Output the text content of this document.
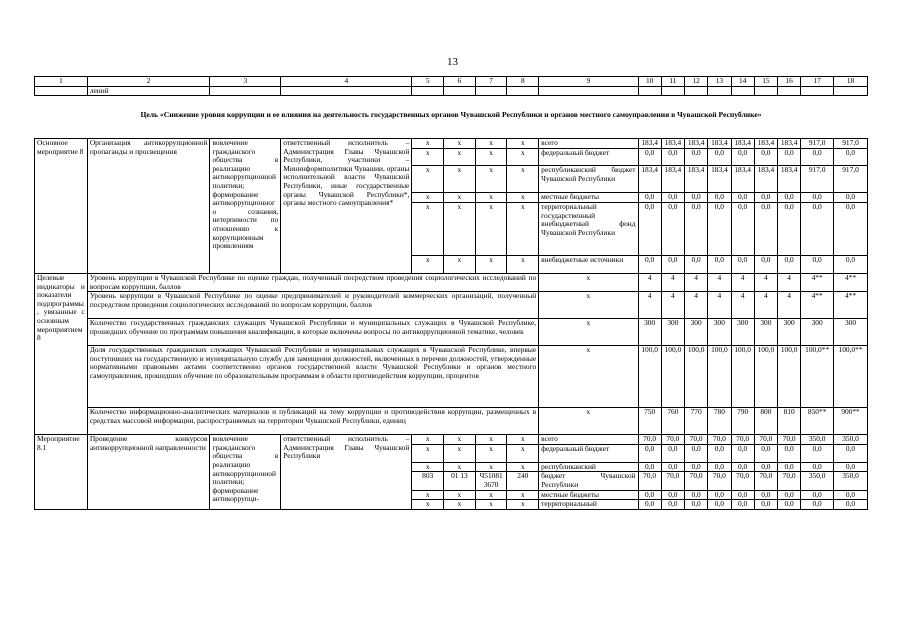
13
1	2	3	4	5	6	7	8	9	10	11	12	13	14	15	16	17	18
	лений																
Цель «Снижение уровня коррупции и ее влияния на деятельность государственных органов Чувашской Республики и органов местного самоуправления в Чувашской Республике»
Основное мероприятие 8	Организация антикоррупционной пропаганды и просвещения	вовлечение гражданского общества в реализацию антикоррупционной политики; формирование антикоррупционного сознания, нетерпимости по отношению к коррупционным проявлениям	ответственный исполнитель – Администрация Главы Чувашской Республики, участники – Мининформполитики Чувашии, органы исполнительной власти Чувашской Республики, иные государственные органы Чувашской Республики*, органы местного самоуправления*	x	x	x	x	всего	183,4	183,4	183,4	183,4	183,4	183,4	183,4	917,0	917,0
				x	x	x	x	федеральный бюджет	0,0	0,0	0,0	0,0	0,0	0,0	0,0	0,0	0,0
				x	x	x	x	республиканский бюджет Чувашской Республики	183,4	183,4	183,4	183,4	183,4	183,4	183,4	917,0	917,0
				x	x	x	x	местные бюджеты	0,0	0,0	0,0	0,0	0,0	0,0	0,0	0,0	0,0
				x	x	x	x	территориальный государственный внебюджетный фонд Чувашской Республики	0,0	0,0	0,0	0,0	0,0	0,0	0,0	0,0	0,0
				x	x	x	x	внебюджетные источники	0,0	0,0	0,0	0,0	0,0	0,0	0,0	0,0	0,0
Целевые индикаторы и показатели подпрограммы, увязанные с основным мероприятием 8	Уровень коррупции в Чувашской Республике по оценке граждан, полученный посредством проведения социологических исследований по вопросам коррупции, баллов							x	4	4	4	4	4	4	4	4**	4**
	Уровень коррупции в Чувашской Республике по оценке предпринимателей и руководителей коммерческих организаций, полученный посредством проведения социологических исследований по вопросам коррупции, баллов							x	4	4	4	4	4	4	4	4**	4**
	Количество государственных гражданских служащих Чувашской Республики и муниципальных служащих в Чувашской Республике, прошедших обучение по программам повышения квалификации, в которые включены вопросы по антикоррупционной тематике, человек							x	300	300	300	300	300	300	300	300	300
	Доля государственных гражданских служащих Чувашской Республики и муниципальных служащих в Чувашской Республике, впервые поступивших на государственную и муниципальную службу для замещения должностей, включенных в перечни должностей, утвержденные нормативными правовыми актами соответственно органов государственной власти Чувашской Республики и органов местного самоуправления, прошедших обучение по образовательным программам в области противодействия коррупции, процентов							x	100,0	100,0	100,0	100,0	100,0	100,0	100,0	100,0**	100,0**
	Количество информационно-аналитических материалов и публикаций на тему коррупции и противодействия коррупции, размещенных в средствах массовой информации, распространяемых на территории Чувашской Республики, единиц							x	750	760	770	780	790	800	810	850**	900**
Мероприятие 8.1	Проведение конкурсов антикоррупционной направленности	вовлечение гражданского общества в реализацию антикоррупционной политики; формирование антикоррупци-	ответственный исполнитель – Администрация Главы Чувашской Республики	x	x	x	x	всего	70,0	70,0	70,0	70,0	70,0	70,0	70,0	350,0	350,0
				x	x	x	x	федеральный бюджет	0,0	0,0	0,0	0,0	0,0	0,0	0,0	0,0	0,0
				x	x	x	x	республиканский	0,0	0,0	0,0	0,0	0,0	0,0	0,0	0,0	0,0
				803	01 13	Ч51081 3670	240	бюджет Чувашской Республики	70,0	70,0	70,0	70,0	70,0	70,0	70,0	350,0	350,0
				x	x	x	x	местные бюджеты	0,0	0,0	0,0	0,0	0,0	0,0	0,0	0,0	0,0
				x	x	x	x	территориальный	0,0	0,0	0,0	0,0	0,0	0,0	0,0	0,0	0,0
